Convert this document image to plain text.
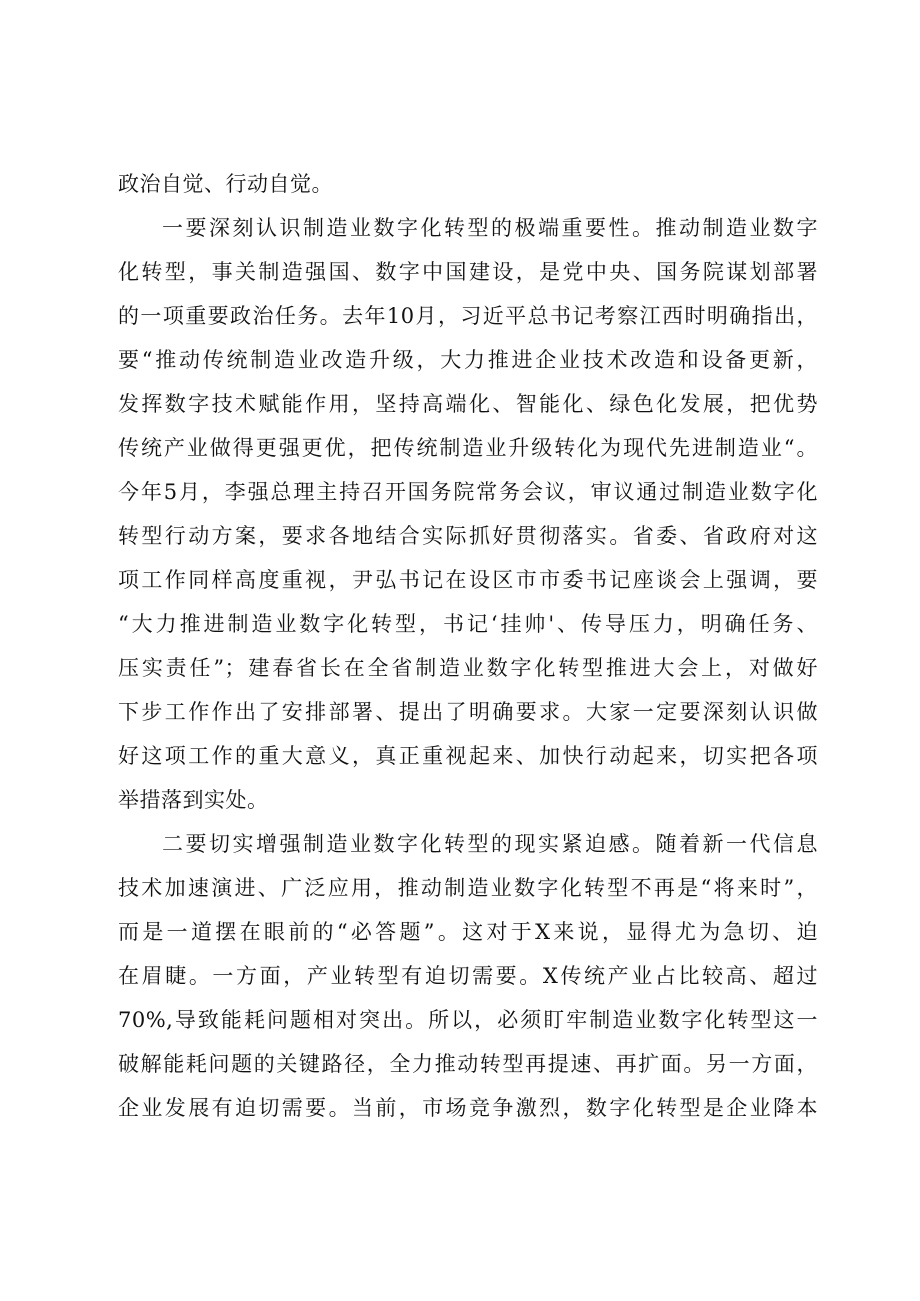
政治自觉、行动自觉。
一要深刻认识制造业数字化转型的极端重要性。推动制造业数字
化转型，事关制造强国、数字中国建设，是党中央、国务院谋划部署
的一项重要政治任务。去年10月，习近平总书记考察江西时明确指出，
要“推动传统制造业改造升级，大力推进企业技术改造和设备更新，
发挥数字技术赋能作用，坚持高端化、智能化、绿色化发展，把优势
传统产业做得更强更优，把传统制造业升级转化为现代先进制造业“。
今年5月，李强总理主持召开国务院常务会议，审议通过制造业数字化
转型行动方案，要求各地结合实际抓好贯彻落实。省委、省政府对这
项工作同样高度重视，尹弘书记在设区市市委书记座谈会上强调，要
“大力推进制造业数字化转型，书记‘挂帅'、传导压力，明确任务、
压实责任”；建春省长在全省制造业数字化转型推进大会上，对做好
下步工作作出了安排部署、提出了明确要求。大家一定要深刻认识做
好这项工作的重大意义，真正重视起来、加快行动起来，切实把各项
举措落到实处。
二要切实增强制造业数字化转型的现实紧迫感。随着新一代信息
技术加速演进、广泛应用，推动制造业数字化转型不再是“将来时”，
而是一道摆在眼前的“必答题”。这对于X来说，显得尤为急切、迫
在眉睫。一方面，产业转型有迫切需要。X传统产业占比较高、超过
70%,导致能耗问题相对突出。所以，必须盯牢制造业数字化转型这一
破解能耗问题的关键路径，全力推动转型再提速、再扩面。另一方面，
企业发展有迫切需要。当前，市场竞争激烈，数字化转型是企业降本
